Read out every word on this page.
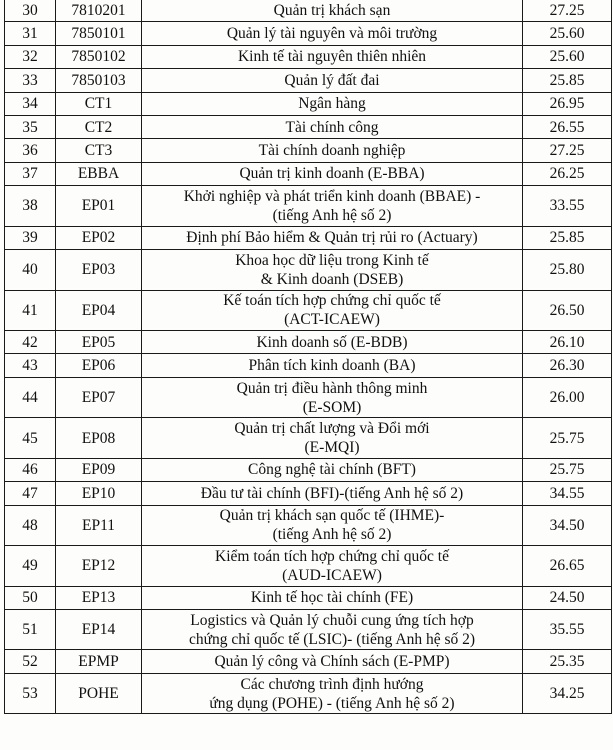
30	7810201	Quản trị khách sạn	27.25
31	7850101	Quản lý tài nguyên và môi trường	25.60
32	7850102	Kinh tế tài nguyên thiên nhiên	25.60
33	7850103	Quản lý đất đai	25.85
34	CT1	Ngân hàng	26.95
35	CT2	Tài chính công	26.55
36	CT3	Tài chính doanh nghiệp	27.25
37	EBBA	Quản trị kinh doanh (E-BBA)	26.25
38	EP01	Khởi nghiệp và phát triển kinh doanh (BBAE) -
(tiếng Anh hệ số 2)	33.55
39	EP02	Định phí Bảo hiểm & Quản trị rủi ro (Actuary)	25.85
40	EP03	Khoa học dữ liệu trong Kinh tế
& Kinh doanh (DSEB)	25.80
41	EP04	Kế toán tích hợp chứng chỉ quốc tế
(ACT-ICAEW)	26.50
42	EP05	Kinh doanh số (E-BDB)	26.10
43	EP06	Phân tích kinh doanh (BA)	26.30
44	EP07	Quản trị điều hành thông minh
(E-SOM)	26.00
45	EP08	Quản trị chất lượng và Đổi mới
(E-MQI)	25.75
46	EP09	Công nghệ tài chính (BFT)	25.75
47	EP10	Đầu tư tài chính (BFI)-(tiếng Anh hệ số 2)	34.55
48	EP11	Quản trị khách sạn quốc tế (IHME)-
(tiếng Anh hệ số 2)	34.50
49	EP12	Kiểm toán tích hợp chứng chỉ quốc tế
(AUD-ICAEW)	26.65
50	EP13	Kinh tế học tài chính (FE)	24.50
51	EP14	Logistics và Quản lý chuỗi cung ứng tích hợp
chứng chỉ quốc tế (LSIC)- (tiếng Anh hệ số 2)	35.55
52	EPMP	Quản lý công và Chính sách (E-PMP)	25.35
53	POHE	Các chương trình định hướng
ứng dụng (POHE) - (tiếng Anh hệ số 2)	34.25
